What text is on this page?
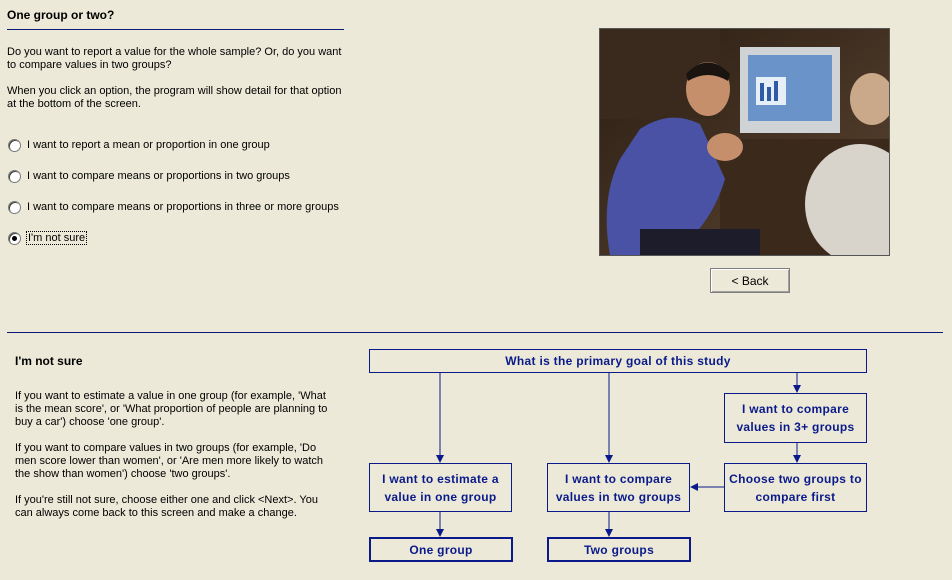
One group or two?
Do you want to report a value for the whole sample? Or, do you want to compare values in two groups?
When you click an option, the program will show detail for that option at the bottom of the screen.
I want to report a mean or proportion in one group
I want to compare means or proportions in two groups
I want to compare means or proportions in three or more groups
I'm not sure
< Back
I'm not sure
If you want to estimate a value in one group (for example, 'What is the mean score', or 'What proportion of people are planning to buy a car') choose 'one group'.
If you want to compare values in two groups (for example, 'Do men score lower than women', or 'Are men more likely to watch the show than women') choose 'two groups'.
If you're still not sure, choose either one and click <Next>. You can always come back to this screen and make a change.
What is the primary goal of this study
I want to compare values in 3+ groups
I want to estimate a value in one group
I want to compare values in two groups
Choose two groups to compare first
One group	Two groups
